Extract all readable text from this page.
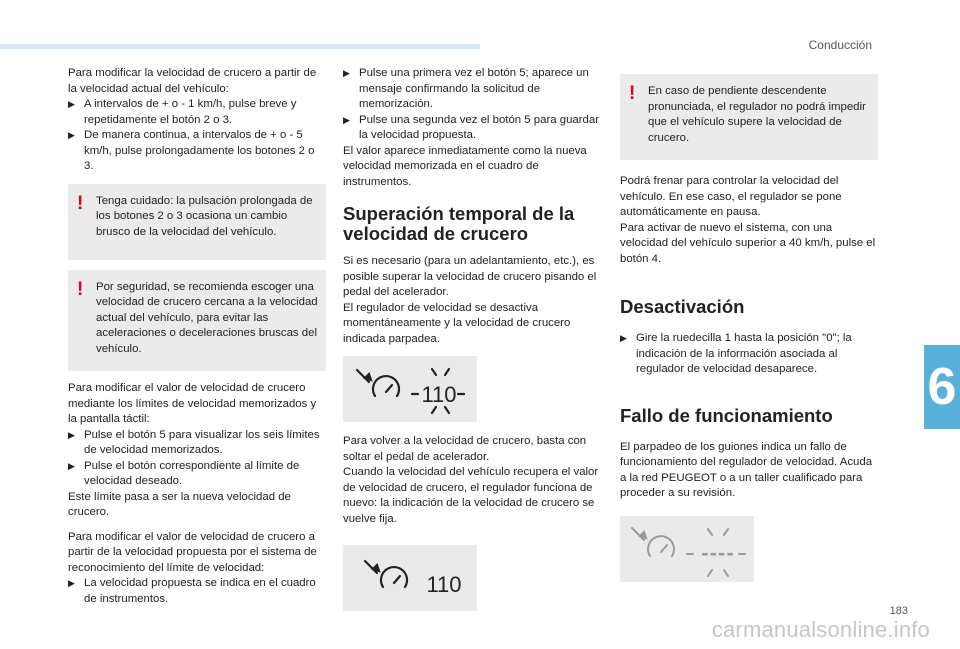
Conducción
6
183
carmanualsonline.info
Para modificar la velocidad de crucero a partir de la velocidad actual del vehículo:
▶ A intervalos de + o - 1 km/h, pulse breve y repetidamente el botón 2 o 3.
▶ De manera continua, a intervalos de + o - 5 km/h, pulse prolongadamente los botones 2 o 3.
! Tenga cuidado: la pulsación prolongada de los botones 2 o 3 ocasiona un cambio brusco de la velocidad del vehículo.
! Por seguridad, se recomienda escoger una velocidad de crucero cercana a la velocidad actual del vehículo, para evitar las aceleraciones o deceleraciones bruscas del vehículo.
Para modificar el valor de velocidad de crucero mediante los límites de velocidad memorizados y la pantalla táctil:
▶ Pulse el botón 5 para visualizar los seis límites de velocidad memorizados.
▶ Pulse el botón correspondiente al límite de velocidad deseado.
Este límite pasa a ser la nueva velocidad de crucero.
Para modificar el valor de velocidad de crucero a partir de la velocidad propuesta por el sistema de reconocimiento del límite de velocidad:
▶ La velocidad propuesta se indica en el cuadro de instrumentos.
▶ Pulse una primera vez el botón 5; aparece un mensaje confirmando la solicitud de memorización.
▶ Pulse una segunda vez el botón 5 para guardar la velocidad propuesta.

El valor aparece inmediatamente como la nueva velocidad memorizada en el cuadro de instrumentos.

Superación temporal de la velocidad de crucero
Si es necesario (para un adelantamiento, etc.), es posible superar la velocidad de crucero pisando el pedal del acelerador.

El regulador de velocidad se desactiva momentáneamente y la velocidad de crucero indicada parpadea.

110
Para volver a la velocidad de crucero, basta con soltar el pedal de acelerador.

Cuando la velocidad del vehículo recupera el valor de velocidad de crucero, el regulador funciona de nuevo: la indicación de la velocidad de crucero se vuelve fija.

110
! En caso de pendiente descendente pronunciada, el regulador no podrá impedir que el vehículo supere la velocidad de crucero.
Podrá frenar para controlar la velocidad del vehículo. En ese caso, el regulador se pone automáticamente en pausa.

Para activar de nuevo el sistema, con una velocidad del vehículo superior a 40 km/h, pulse el botón 4.

Desactivación
▶ Gire la ruedecilla 1 hasta la posición "0"; la indicación de la información asociada al regulador de velocidad desaparece.
Fallo de funcionamiento

El parpadeo de los guiones indica un fallo de funcionamiento del regulador de velocidad. Acuda a la red PEUGEOT o a un taller cualificado para proceder a su revisión.

----
